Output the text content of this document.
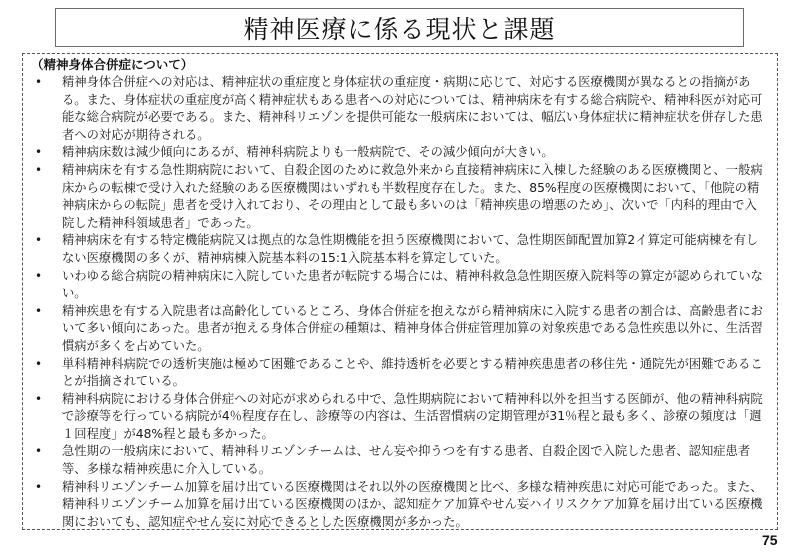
精神医療に係る現状と課題
（精神身体合併症について）
• 精神身体合併症への対応は、精神症状の重症度と身体症状の重症度・病期に応じて、対応する医療機関が異なるとの指摘がある。また、身体症状の重症度が高く精神症状もある患者への対応については、精神病床を有する総合病院や、精神科医が対応可能な総合病院が必要である。また、精神科リエゾンを提供可能な一般病床においては、幅広い身体症状に精神症状を併存した患者への対応が期待される。
• 精神病床数は減少傾向にあるが、精神科病院よりも一般病院で、その減少傾向が大きい。
• 精神病床を有する急性期病院において、自殺企図のために救急外来から直接精神病床に入棟した経験のある医療機関と、一般病床からの転棟で受け入れた経験のある医療機関はいずれも半数程度存在した。また、85%程度の医療機関において、「他院の精神病床からの転院」患者を受け入れており、その理由として最も多いのは「精神疾患の増悪のため」、次いで「内科的理由で入院した精神科領域患者」であった。
• 精神病床を有する特定機能病院又は拠点的な急性期機能を担う医療機関において、急性期医師配置加算2イ算定可能病棟を有しない医療機関の多くが、精神病棟入院基本料の15:1入院基本料を算定していた。
• いわゆる総合病院の精神病床に入院していた患者が転院する場合には、精神科救急急性期医療入院料等の算定が認められていない。
• 精神疾患を有する入院患者は高齢化しているところ、身体合併症を抱えながら精神病床に入院する患者の割合は、高齢患者において多い傾向にあった。患者が抱える身体合併症の種類は、精神身体合併症管理加算の対象疾患である急性疾患以外に、生活習慣病が多くを占めていた。
• 単科精神科病院での透析実施は極めて困難であることや、維持透析を必要とする精神疾患患者の移住先・通院先が困難であることが指摘されている。
• 精神科病院における身体合併症への対応が求められる中で、急性期病院において精神科以外を担当する医師が、他の精神科病院で診療等を行っている病院が4％程度存在し、診療等の内容は、生活習慣病の定期管理が31％程と最も多く、診療の頻度は「週１回程度」が48%程と最も多かった。
• 急性期の一般病床において、精神科リエゾンチームは、せん妄や抑うつを有する患者、自殺企図で入院した患者、認知症患者等、多様な精神疾患に介入している。
• 精神科リエゾンチーム加算を届け出ている医療機関はそれ以外の医療機関と比べ、多様な精神疾患に対応可能であった。また、精神科リエゾンチーム加算を届け出ている医療機関のほか、認知症ケア加算やせん妄ハイリスクケア加算を届け出ている医療機関においても、認知症やせん妄に対応できるとした医療機関が多かった。
75
